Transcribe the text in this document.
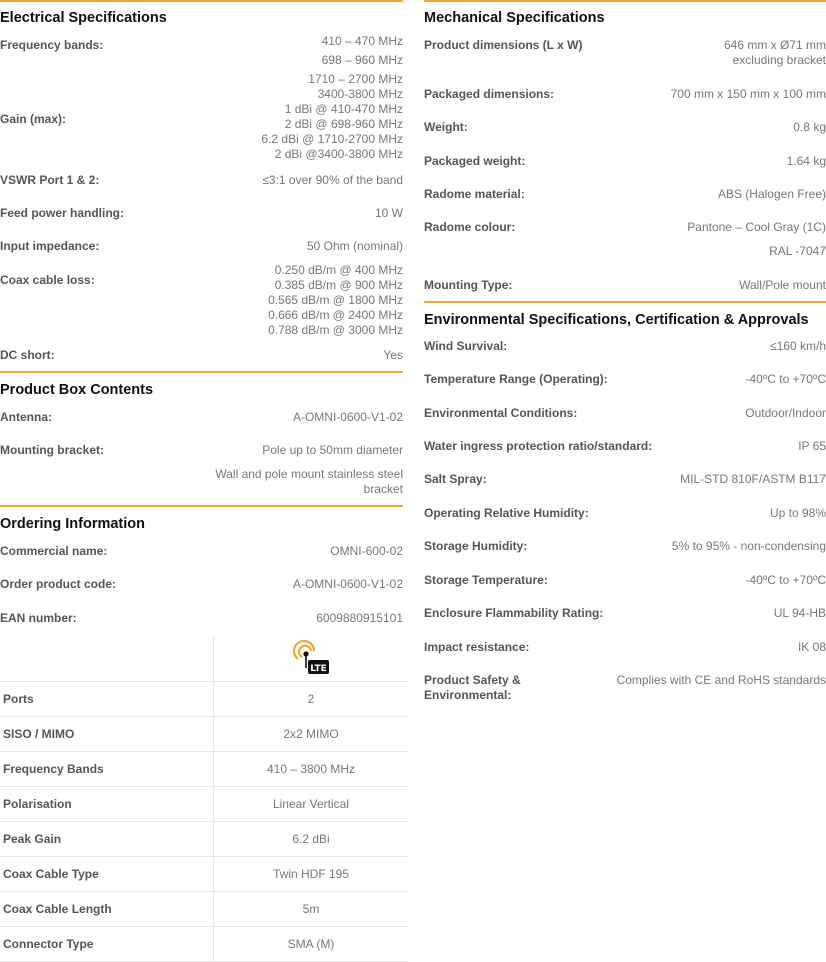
Electrical Specifications
Frequency bands:	410 – 470 MHz
698 – 960 MHz
1710 – 2700 MHz
3400-3800 MHz
Gain (max):
1 dBi @ 410-470 MHz
2 dBi @ 698-960 MHz
6.2 dBi @ 1710-2700 MHz
2 dBi @3400-3800 MHz
VSWR Port 1 & 2:	≤3:1 over 90% of the band
Feed power handling:	10 W
Input impedance:	50 Ohm (nominal)
Coax cable loss:
0.250 dB/m @ 400 MHz
0.385 dB/m @ 900 MHz
0.565 dB/m @ 1800 MHz
0.666 dB/m @ 2400 MHz
0.788 dB/m @ 3000 MHz
DC short:	Yes
Product Box Contents
Antenna:	A-OMNI-0600-V1-02
Mounting bracket:	Pole up to 50mm diameter
Wall and pole mount stainless steel
bracket
Ordering Information
Commercial name:	OMNI-600-02
Order product code:	A-OMNI-0600-V1-02
EAN number:	6009880915101

LTE

Ports	2
SISO / MIMO	2x2 MIMO
Frequency Bands	410 – 3800 MHz
Polarisation	Linear Vertical
Peak Gain	6.2 dBi
Coax Cable Type	Twin HDF 195
Coax Cable Length	5m
Connector Type	SMA (M)
Mechanical Specifications
Product dimensions (L x W)	646 mm x Ø71 mm
excluding bracket
Packaged dimensions:	700 mm x 150 mm x 100 mm
Weight:	0.8 kg
Packaged weight:	1.64 kg
Radome material:	ABS (Halogen Free)
Radome colour:	Pantone – Cool Gray (1C)
RAL -7047
Mounting Type:	Wall/Pole mount
Environmental Specifications, Certification & Approvals
Wind Survival:	≤160 km/h
Temperature Range (Operating):	-40ºC to +70ºC
Environmental Conditions:	Outdoor/Indoor
Water ingress protection ratio/standard:	IP 65
Salt Spray:	MIL-STD 810F/ASTM B117
Operating Relative Humidity:	Up to 98%
Storage Humidity:	5% to 95% - non-condensing
Storage Temperature:	-40ºC to +70ºC
Enclosure Flammability Rating:	UL 94-HB
Impact resistance:	IK 08
Product Safety &
Environmental:
Complies with CE and RoHS standards
